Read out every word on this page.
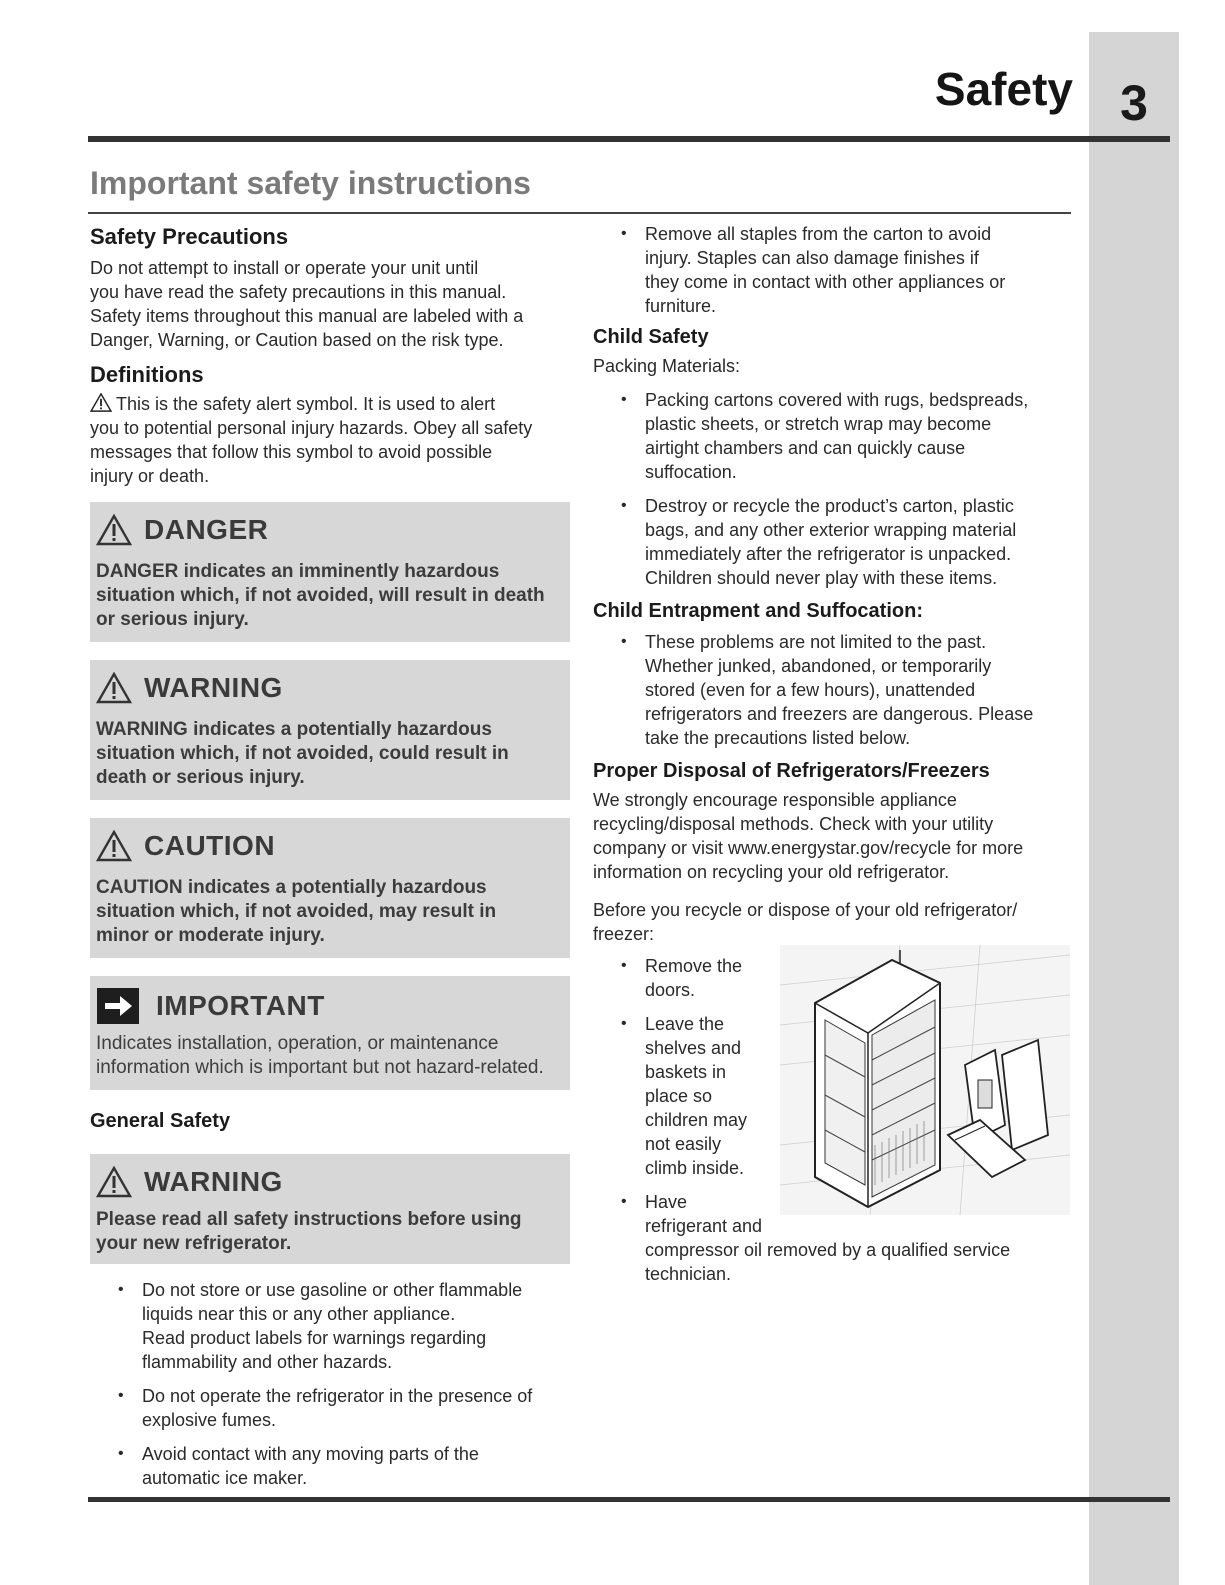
3
Safety
Important safety instructions
Safety Precautions

Do not attempt to install or operate your unit until
you have read the safety precautions in this manual.
Safety items throughout this manual are labeled with a
Danger, Warning, or Caution based on the risk type.

Definitions

This is the safety alert symbol. It is used to alert
you to potential personal injury hazards. Obey all safety
messages that follow this symbol to avoid possible
injury or death.

DANGER
DANGER indicates an imminently hazardous
situation which, if not avoided, will result in death
or serious injury.
WARNING
WARNING indicates a potentially hazardous
situation which, if not avoided, could result in
death or serious injury.
CAUTION
CAUTION indicates a potentially hazardous
situation which, if not avoided, may result in
minor or moderate injury.
IMPORTANT
Indicates installation, operation, or maintenance
information which is important but not hazard-related.
General Safety
WARNING
Please read all safety instructions before using
your new refrigerator.
• Do not store or use gasoline or other flammable
liquids near this or any other appliance.
Read product labels for warnings regarding
flammability and other hazards.
• Do not operate the refrigerator in the presence of
explosive fumes.
• Avoid contact with any moving parts of the
automatic ice maker.
• Remove all staples from the carton to avoid
injury. Staples can also damage finishes if
they come in contact with other appliances or
furniture.
Child Safety

Packing Materials:

• Packing cartons covered with rugs, bedspreads,
plastic sheets, or stretch wrap may become
airtight chambers and can quickly cause
suffocation.
• Destroy or recycle the product’s carton, plastic
bags, and any other exterior wrapping material
immediately after the refrigerator is unpacked.
Children should never play with these items.
Child Entrapment and Suffocation:
• These problems are not limited to the past.
Whether junked, abandoned, or temporarily
stored (even for a few hours), unattended
refrigerators and freezers are dangerous. Please
take the precautions listed below.
Proper Disposal of Refrigerators/Freezers

We strongly encourage responsible appliance
recycling/disposal methods. Check with your utility
company or visit www.energystar.gov/recycle for more
information on recycling your old refrigerator.

Before you recycle or dispose of your old refrigerator/
freezer:

• Remove the
doors.
• Leave the
shelves and
baskets in
place so
children may
not easily
climb inside.
• Have
refrigerant and
compressor oil removed by a qualified service
technician.
